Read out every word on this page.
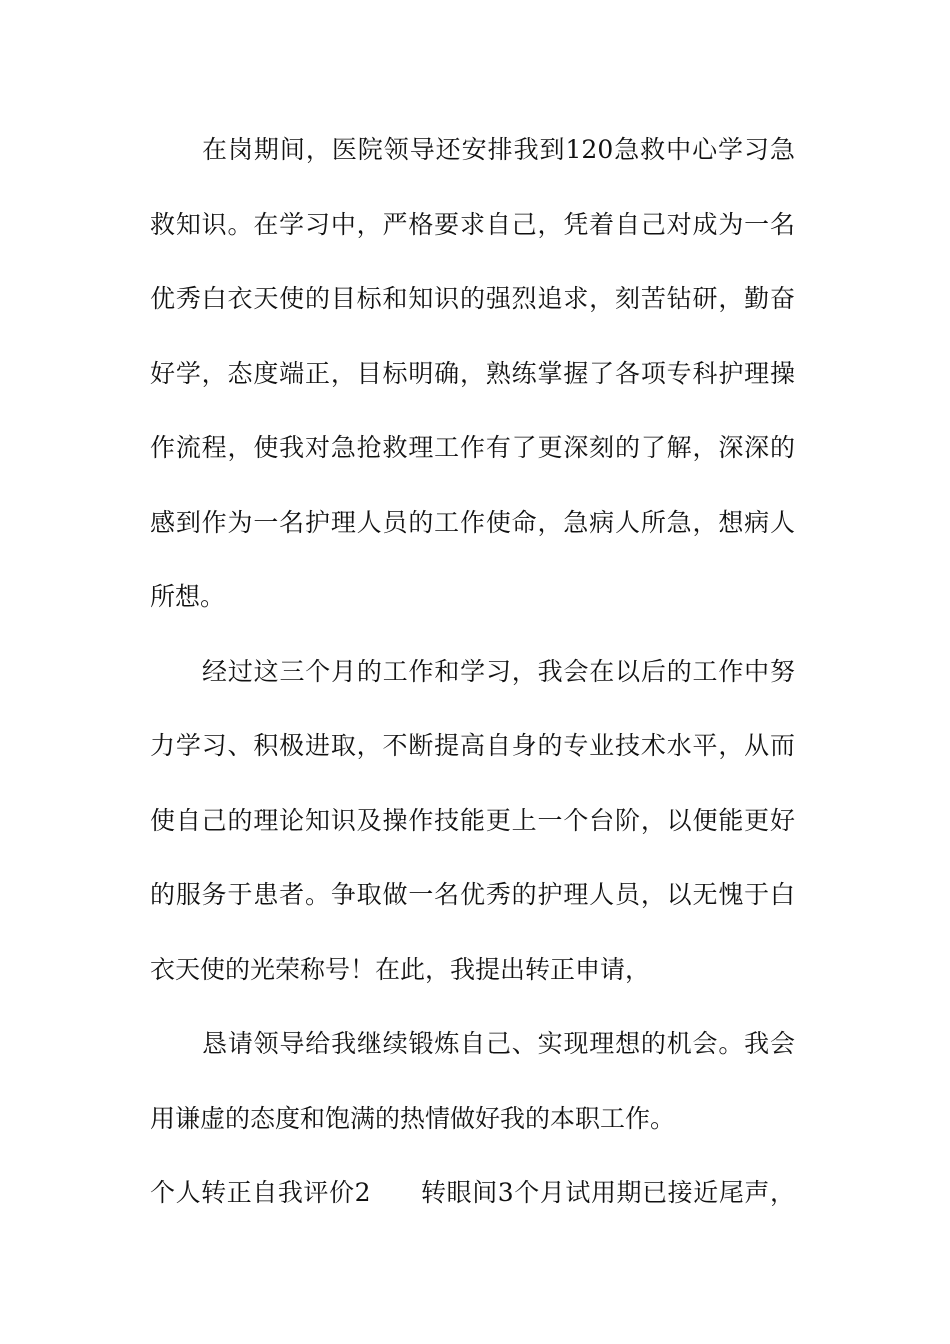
在岗期间，医院领导还安排我到120急救中心学习急
救知识。在学习中，严格要求自己，凭着自己对成为一名
优秀白衣天使的目标和知识的强烈追求，刻苦钻研，勤奋
好学，态度端正，目标明确，熟练掌握了各项专科护理操
作流程，使我对急抢救理工作有了更深刻的了解，深深的
感到作为一名护理人员的工作使命，急病人所急，想病人
所想。
经过这三个月的工作和学习，我会在以后的工作中努
力学习、积极进取，不断提高自身的专业技术水平，从而
使自己的理论知识及操作技能更上一个台阶，以便能更好
的服务于患者。争取做一名优秀的护理人员，以无愧于白
衣天使的光荣称号！在此，我提出转正申请，
恳请领导给我继续锻炼自己、实现理想的机会。我会
用谦虚的态度和饱满的热情做好我的本职工作。
个人转正自我评价2   转眼间3个月试用期已接近尾声，
